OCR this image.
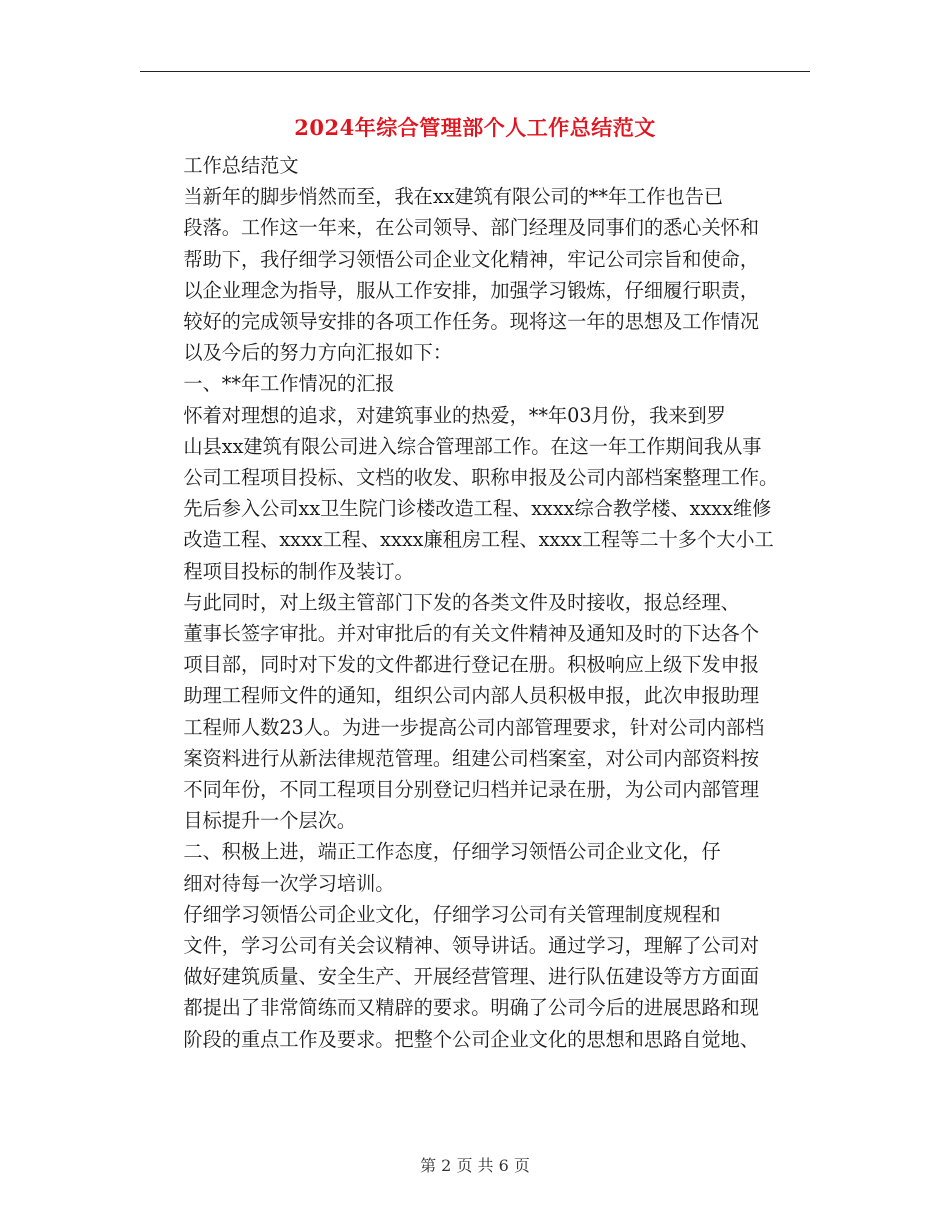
2024年综合管理部个人工作总结范文

工作总结范文

当新年的脚步悄然而至，我在xx建筑有限公司的**年工作也告已
段落。工作这一年来，在公司领导、部门经理及同事们的悉心关怀和
帮助下，我仔细学习领悟公司企业文化精神，牢记公司宗旨和使命，
以企业理念为指导，服从工作安排，加强学习锻炼，仔细履行职责，
较好的完成领导安排的各项工作任务。现将这一年的思想及工作情况
以及今后的努力方向汇报如下：

一、**年工作情况的汇报

怀着对理想的追求，对建筑事业的热爱，**年03月份，我来到罗
山县xx建筑有限公司进入综合管理部工作。在这一年工作期间我从事
公司工程项目投标、文档的收发、职称申报及公司内部档案整理工作。
先后参入公司xx卫生院门诊楼改造工程、xxxx综合教学楼、xxxx维修
改造工程、xxxx工程、xxxx廉租房工程、xxxx工程等二十多个大小工
程项目投标的制作及装订。

与此同时，对上级主管部门下发的各类文件及时接收，报总经理、
董事长签字审批。并对审批后的有关文件精神及通知及时的下达各个
项目部，同时对下发的文件都进行登记在册。积极响应上级下发申报
助理工程师文件的通知，组织公司内部人员积极申报，此次申报助理
工程师人数23人。为进一步提高公司内部管理要求，针对公司内部档
案资料进行从新法律规范管理。组建公司档案室，对公司内部资料按
不同年份，不同工程项目分别登记归档并记录在册，为公司内部管理
目标提升一个层次。

二、积极上进，端正工作态度，仔细学习领悟公司企业文化，仔
细对待每一次学习培训。

仔细学习领悟公司企业文化，仔细学习公司有关管理制度规程和
文件，学习公司有关会议精神、领导讲话。通过学习，理解了公司对
做好建筑质量、安全生产、开展经营管理、进行队伍建设等方方面面
都提出了非常简练而又精辟的要求。明确了公司今后的进展思路和现
阶段的重点工作及要求。把整个公司企业文化的思想和思路自觉地、

第 2 页 共 6 页
